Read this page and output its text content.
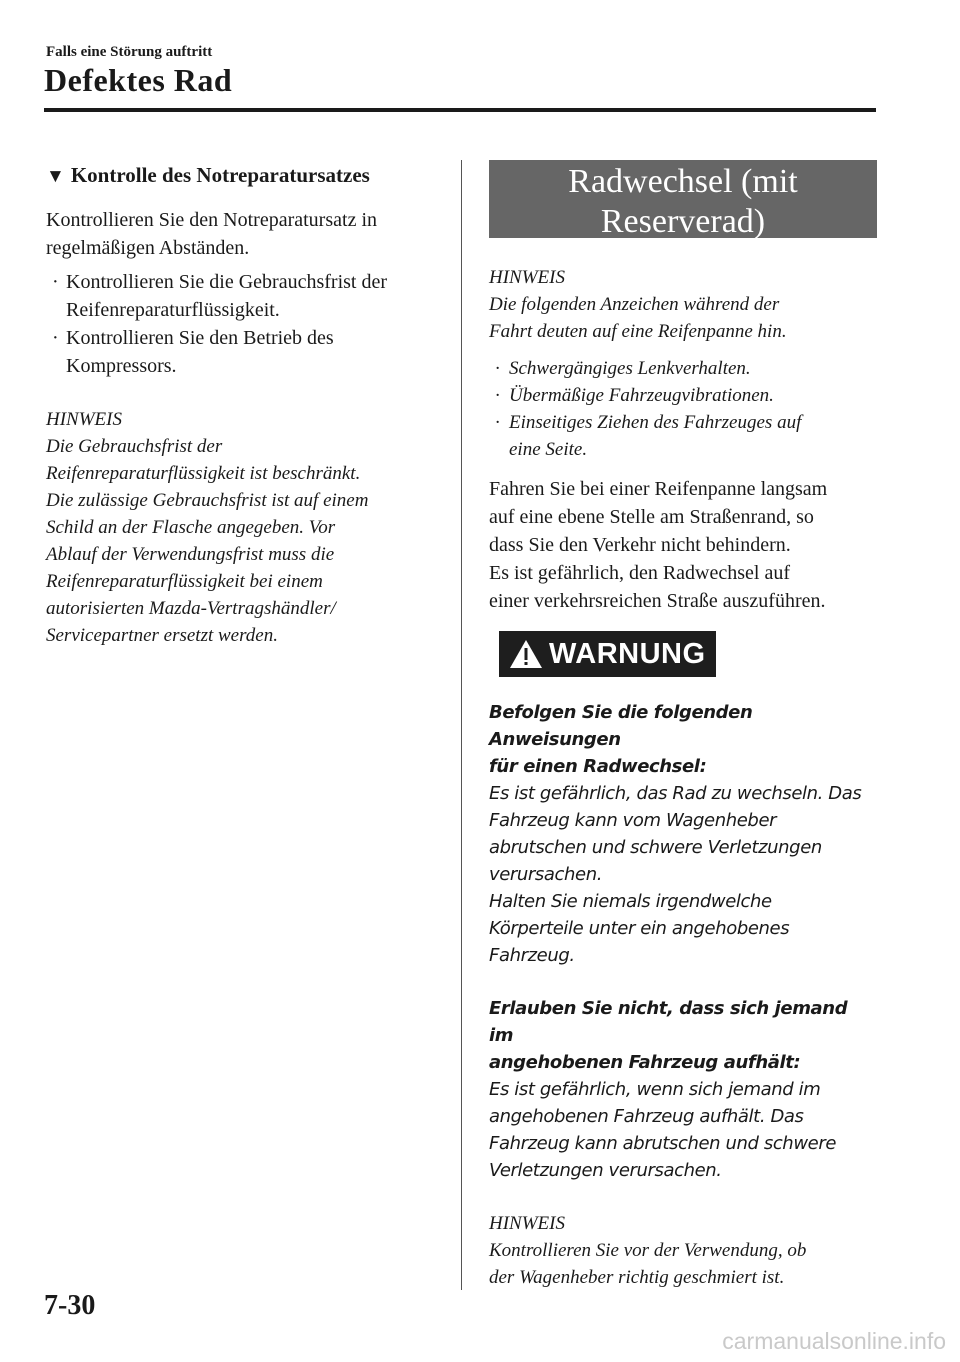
Falls eine Störung auftritt
Defektes Rad
▼ Kontrolle des Notreparatursatzes
Kontrollieren Sie den Notreparatursatz in
regelmäßigen Abständen.
· Kontrollieren Sie die Gebrauchsfrist der
Reifenreparaturflüssigkeit.
· Kontrollieren Sie den Betrieb des
Kompressors.
HINWEIS
Die Gebrauchsfrist der
Reifenreparaturflüssigkeit ist beschränkt.
Die zulässige Gebrauchsfrist ist auf einem
Schild an der Flasche angegeben. Vor
Ablauf der Verwendungsfrist muss die
Reifenreparaturflüssigkeit bei einem
autorisierten Mazda-Vertragshändler/
Servicepartner ersetzt werden.
Radwechsel (mit
Reserverad)
HINWEIS
Die folgenden Anzeichen während der
Fahrt deuten auf eine Reifenpanne hin.
· Schwergängiges Lenkverhalten.
· Übermäßige Fahrzeugvibrationen.
· Einseitiges Ziehen des Fahrzeuges auf
eine Seite.
Fahren Sie bei einer Reifenpanne langsam
auf eine ebene Stelle am Straßenrand, so
dass Sie den Verkehr nicht behindern.
Es ist gefährlich, den Radwechsel auf
einer verkehrsreichen Straße auszuführen.
WARNUNG
Befolgen Sie die folgenden Anweisungen
für einen Radwechsel:
Es ist gefährlich, das Rad zu wechseln. Das
Fahrzeug kann vom Wagenheber
abrutschen und schwere Verletzungen
verursachen.
Halten Sie niemals irgendwelche
Körperteile unter ein angehobenes
Fahrzeug.
Erlauben Sie nicht, dass sich jemand im
angehobenen Fahrzeug aufhält:
Es ist gefährlich, wenn sich jemand im
angehobenen Fahrzeug aufhält. Das
Fahrzeug kann abrutschen und schwere
Verletzungen verursachen.
HINWEIS
Kontrollieren Sie vor der Verwendung, ob
der Wagenheber richtig geschmiert ist.
7-30
carmanualsonline.info
